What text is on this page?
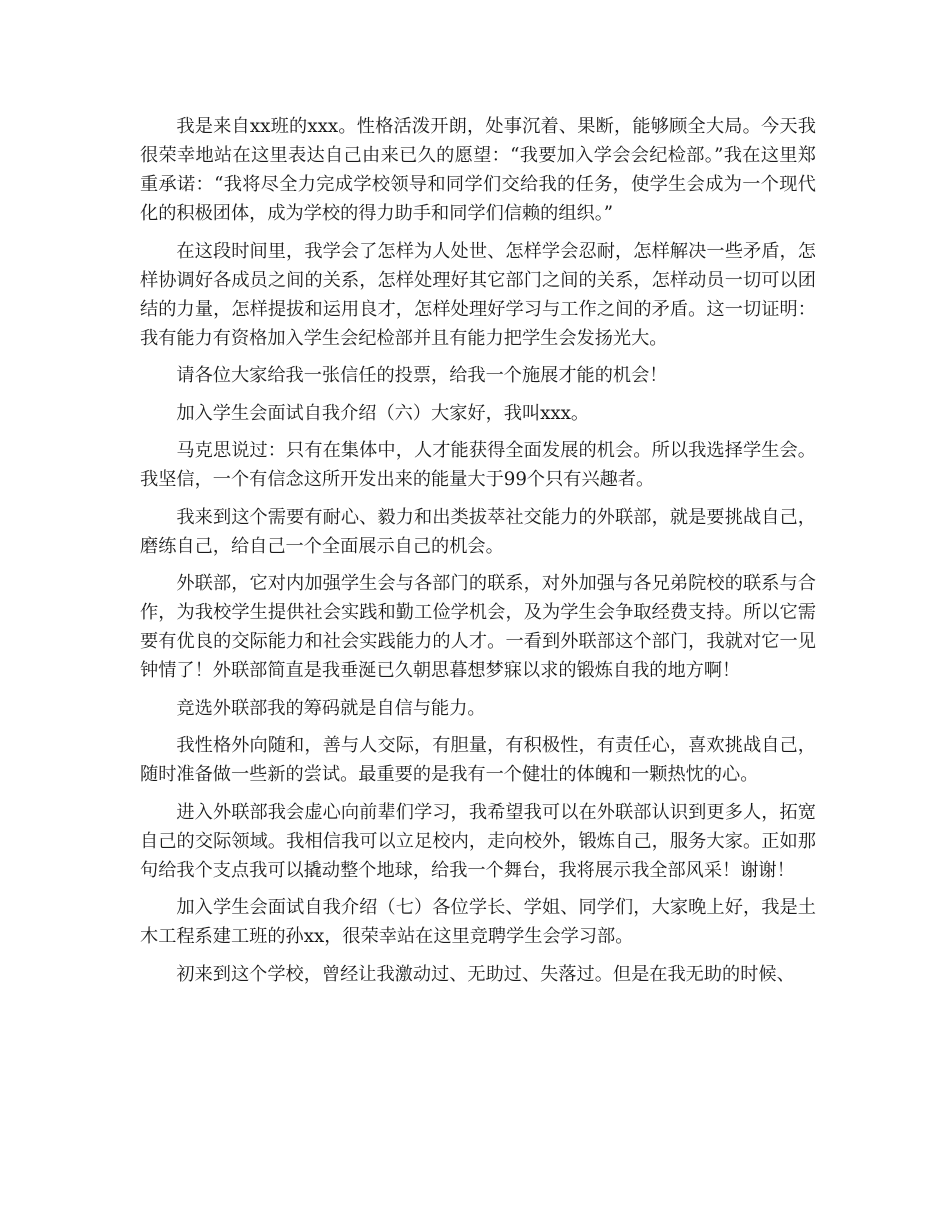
我是来自xx班的xxx。性格活泼开朗，处事沉着、果断，能够顾全大局。今天我很荣幸地站在这里表达自己由来已久的愿望：“我要加入学会会纪检部。”我在这里郑重承诺：“我将尽全力完成学校领导和同学们交给我的任务，使学生会成为一个现代化的积极团体，成为学校的得力助手和同学们信赖的组织。”

在这段时间里，我学会了怎样为人处世、怎样学会忍耐，怎样解决一些矛盾，怎样协调好各成员之间的关系，怎样处理好其它部门之间的关系，怎样动员一切可以团结的力量，怎样提拔和运用良才，怎样处理好学习与工作之间的矛盾。这一切证明：我有能力有资格加入学生会纪检部并且有能力把学生会发扬光大。

请各位大家给我一张信任的投票，给我一个施展才能的机会！

加入学生会面试自我介绍（六）大家好，我叫xxx。

马克思说过：只有在集体中，人才能获得全面发展的机会。所以我选择学生会。我坚信，一个有信念这所开发出来的能量大于99个只有兴趣者。

我来到这个需要有耐心、毅力和出类拔萃社交能力的外联部，就是要挑战自己，磨练自己，给自己一个全面展示自己的机会。

外联部，它对内加强学生会与各部门的联系，对外加强与各兄弟院校的联系与合作，为我校学生提供社会实践和勤工俭学机会，及为学生会争取经费支持。所以它需要有优良的交际能力和社会实践能力的人才。一看到外联部这个部门，我就对它一见钟情了！外联部简直是我垂涎已久朝思暮想梦寐以求的锻炼自我的地方啊！

竞选外联部我的筹码就是自信与能力。

我性格外向随和，善与人交际，有胆量，有积极性，有责任心，喜欢挑战自己，随时准备做一些新的尝试。最重要的是我有一个健壮的体魄和一颗热忱的心。

进入外联部我会虚心向前辈们学习，我希望我可以在外联部认识到更多人，拓宽自己的交际领域。我相信我可以立足校内，走向校外，锻炼自己，服务大家。正如那句给我个支点我可以撬动整个地球，给我一个舞台，我将展示我全部风采！谢谢！

加入学生会面试自我介绍（七）各位学长、学姐、同学们，大家晚上好，我是土木工程系建工班的孙xx，很荣幸站在这里竞聘学生会学习部。

初来到这个学校，曾经让我激动过、无助过、失落过。但是在我无助的时候、
